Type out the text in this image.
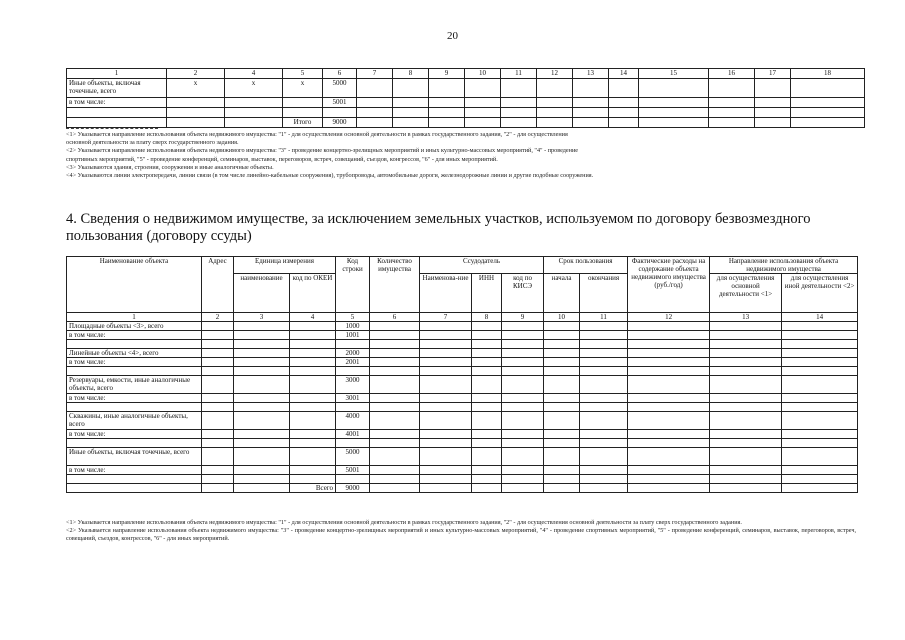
20
1	2	4	5	6	7	8	9	10	11	12	13	14	15	16	17	18
Иные объекты, включая точечные, всего	х	х	х	5000												
в том числе:				5001												

			Итого	9000												
<1> Указывается направление использования объекта недвижимого имущества: "1" - для осуществления основной деятельности в рамках государственного задания, "2" - для осуществления
основной деятельности за плату сверх государственного задания.
<2> Указывается направление использования объекта недвижимого имущества: "3" - проведение концертно-зрелищных мероприятий и иных культурно-массовых мероприятий, "4" - проведение
спортивных мероприятий, "5" - проведение конференций, семинаров, выставок, переговоров, встреч, совещаний, съездов, конгрессов, "6" - для иных мероприятий.
<3> Указываются здания, строения, сооружения и иные аналогичные объекты.
<4> Указываются линии электропередачи, линии связи (в том числе линейно-кабельные сооружения), трубопроводы, автомобильные дороги, железнодорожные линии и другие подобные сооружения.
4. Сведения о недвижимом имуществе, за исключением земельных участков, используемом по договору безвозмездного пользования (договору ссуды)
Наименование объекта	Адрес	Единица измерения		Код строки	Количество имущества	Ссудодатель			Срок пользования		Фактические расходы на содержание объекта недвижимого имущества (руб./год)	Направление использования объекта недвижимого имущества	
		наименование	код по ОКЕИ			Наименова-ние	ИНН	код по КИСЭ	начала	окончания		для осуществления основной деятельности <1>	для осуществления иной деятельности <2>
1	2	3	4	5	6	7	8	9	10	11	12	13	14
Площадные объекты <3>, всего				1000									
в том числе:				1001									

Линейные объекты <4>, всего				2000									
в том числе:				2001									

Резервуары, емкости, иные аналогичные объекты, всего				3000									
в том числе:				3001									

Скважины, иные аналогичные объекты, всего				4000									
в том числе:				4001									

Иные объекты, включая точечные, всего				5000									
в том числе:				5001									

			Всего	9000									
<1> Указывается направление использования объекта недвижимого имущества: "1" - для осуществления основной деятельности в рамках государственного задания, "2" - для осуществления основной деятельности за плату сверх государственного задания.
<2> Указывается направление использования объекта недвижимого имущества: "3" - проведение концертно-зрелищных мероприятий и иных культурно-массовых мероприятий, "4" - проведение спортивных мероприятий, "5" - проведение конференций, семинаров, выставок, переговоров, встреч, совещаний, съездов, конгрессов, "6" - для иных мероприятий.
